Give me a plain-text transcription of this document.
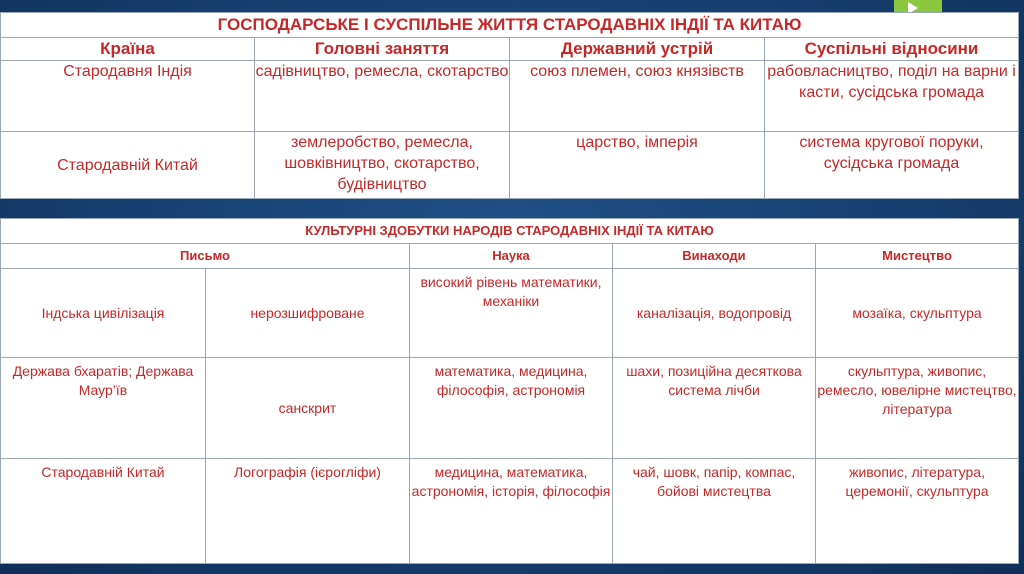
ГОСПОДАРСЬКЕ І СУСПІЛЬНЕ ЖИТТЯ СТАРОДАВНІХ ІНДІЇ ТА КИТАЮ			
Країна	Головні заняття	Державний устрій	Суспільні відносини
Стародавня Індія	садівництво, ремесла, скотарство	союз племен, союз князівств	рабовласництво, поділ на варни і касти, сусідська громада
Стародавній Китай	землеробство, ремесла, шовківництво, скотарство, будівництво	царство, імперія	система кругової поруки, сусідська громада
КУЛЬТУРНІ ЗДОБУТКИ НАРОДІВ СТАРОДАВНІХ ІНДІЇ ТА КИТАЮ				
Письмо		Наука	Винаходи	Мистецтво
Індська цивілізація	нерозшифроване	високий рівень математики, механіки	каналізація, водопровід	мозаїка, скульптура
Держава бхаратів; Держава Маур’їв	санскрит	математика, медицина, філософія, астрономія	шахи, позиційна десяткова система лічби	скульптура, живопис, ремесло, ювелірне мистецтво, література
Стародавній Китай	Логографія (ієрогліфи)	медицина, математика, астрономія, історія, філософія	чай, шовк, папір, компас, бойові мистецтва	живопис, література, церемонії, скульптура
